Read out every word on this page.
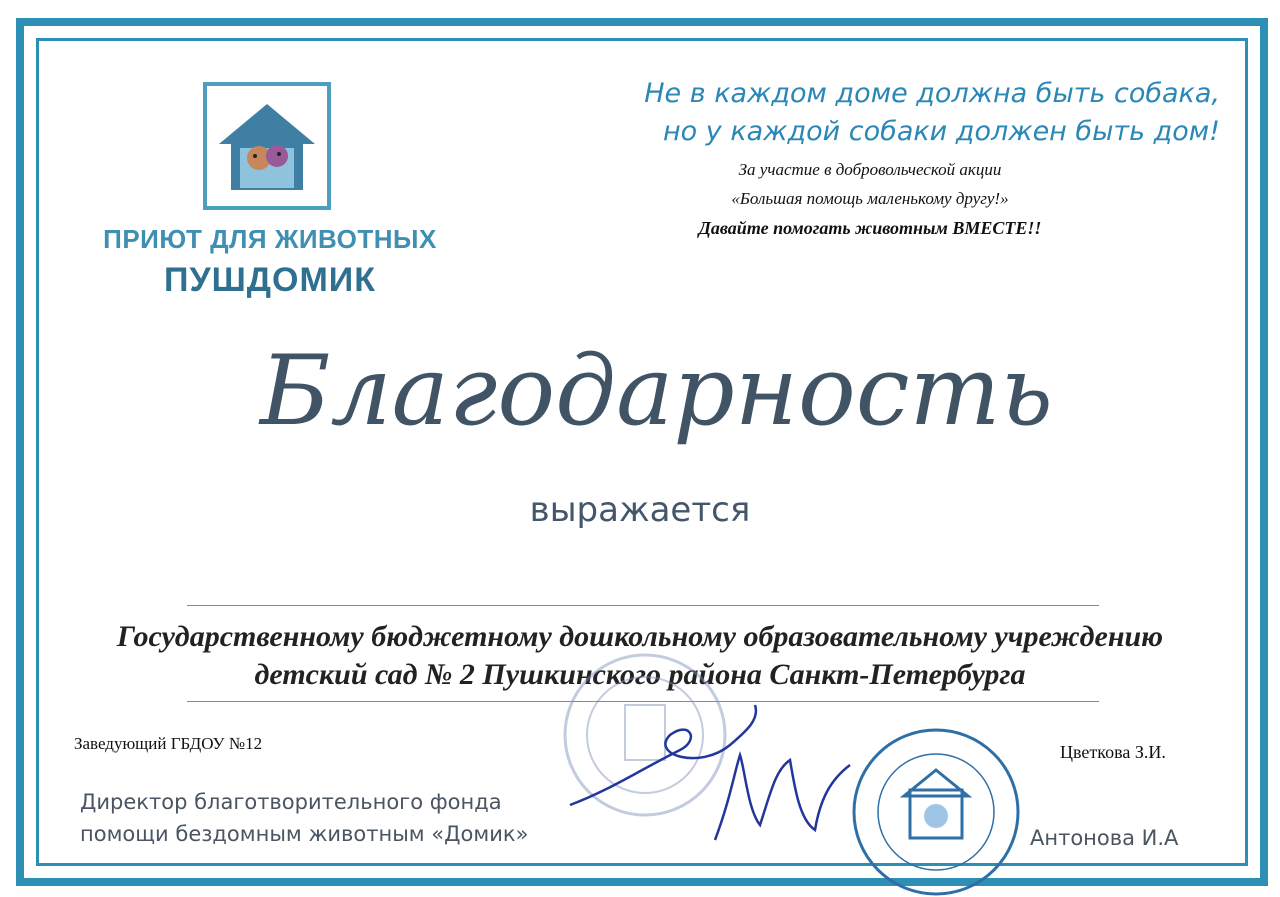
ПРИЮТ ДЛЯ ЖИВОТНЫХ
ПУШДОМИК
Не в каждом доме должна быть собака,
но у каждой собаки должен быть дом!
За участие в добровольческой акции
«Большая помощь маленькому другу!»
Давайте помогать животным ВМЕСТЕ!!
Благодарность
выражается
Государственному бюджетному дошкольному образовательному учреждению
детский сад № 2 Пушкинского района Санкт-Петербурга
Заведующий ГБДОУ №12	Цветкова З.И.
Директор благотворительного фонда
помощи бездомным животным «Домик»	Антонова И.А
